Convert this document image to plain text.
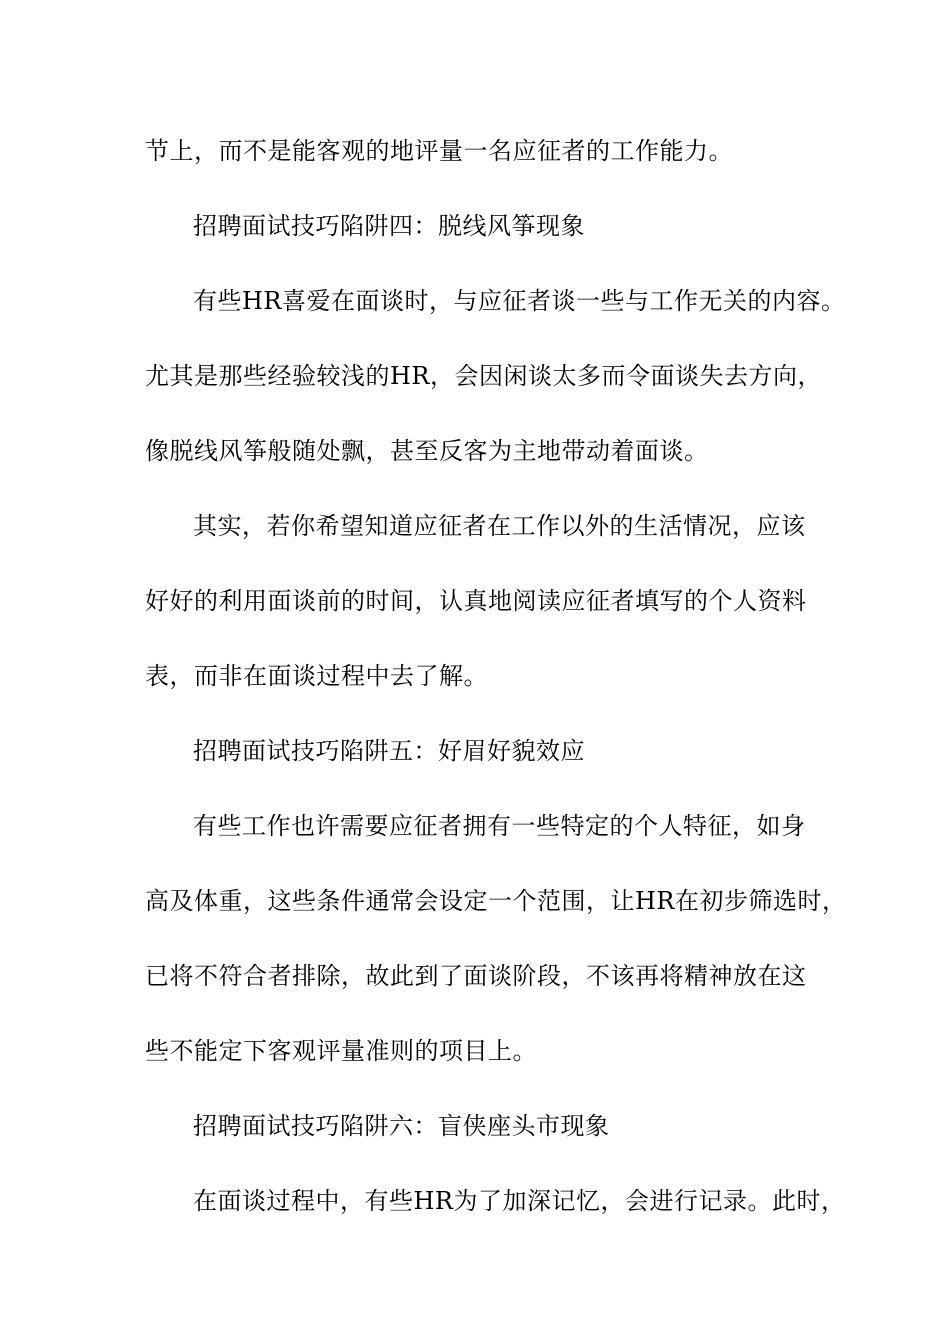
节上，而不是能客观的地评量一名应征者的工作能力。
招聘面试技巧陷阱四：脱线风筝现象
有些HR喜爱在面谈时，与应征者谈一些与工作无关的内容。
尤其是那些经验较浅的HR，会因闲谈太多而令面谈失去方向，
像脱线风筝般随处飘，甚至反客为主地带动着面谈。
其实，若你希望知道应征者在工作以外的生活情况，应该
好好的利用面谈前的时间，认真地阅读应征者填写的个人资料
表，而非在面谈过程中去了解。
招聘面试技巧陷阱五：好眉好貌效应
有些工作也许需要应征者拥有一些特定的个人特征，如身
高及体重，这些条件通常会设定一个范围，让HR在初步筛选时，
已将不符合者排除，故此到了面谈阶段，不该再将精神放在这
些不能定下客观评量准则的项目上。
招聘面试技巧陷阱六：盲侠座头市现象
在面谈过程中，有些HR为了加深记忆，会进行记录。此时，
